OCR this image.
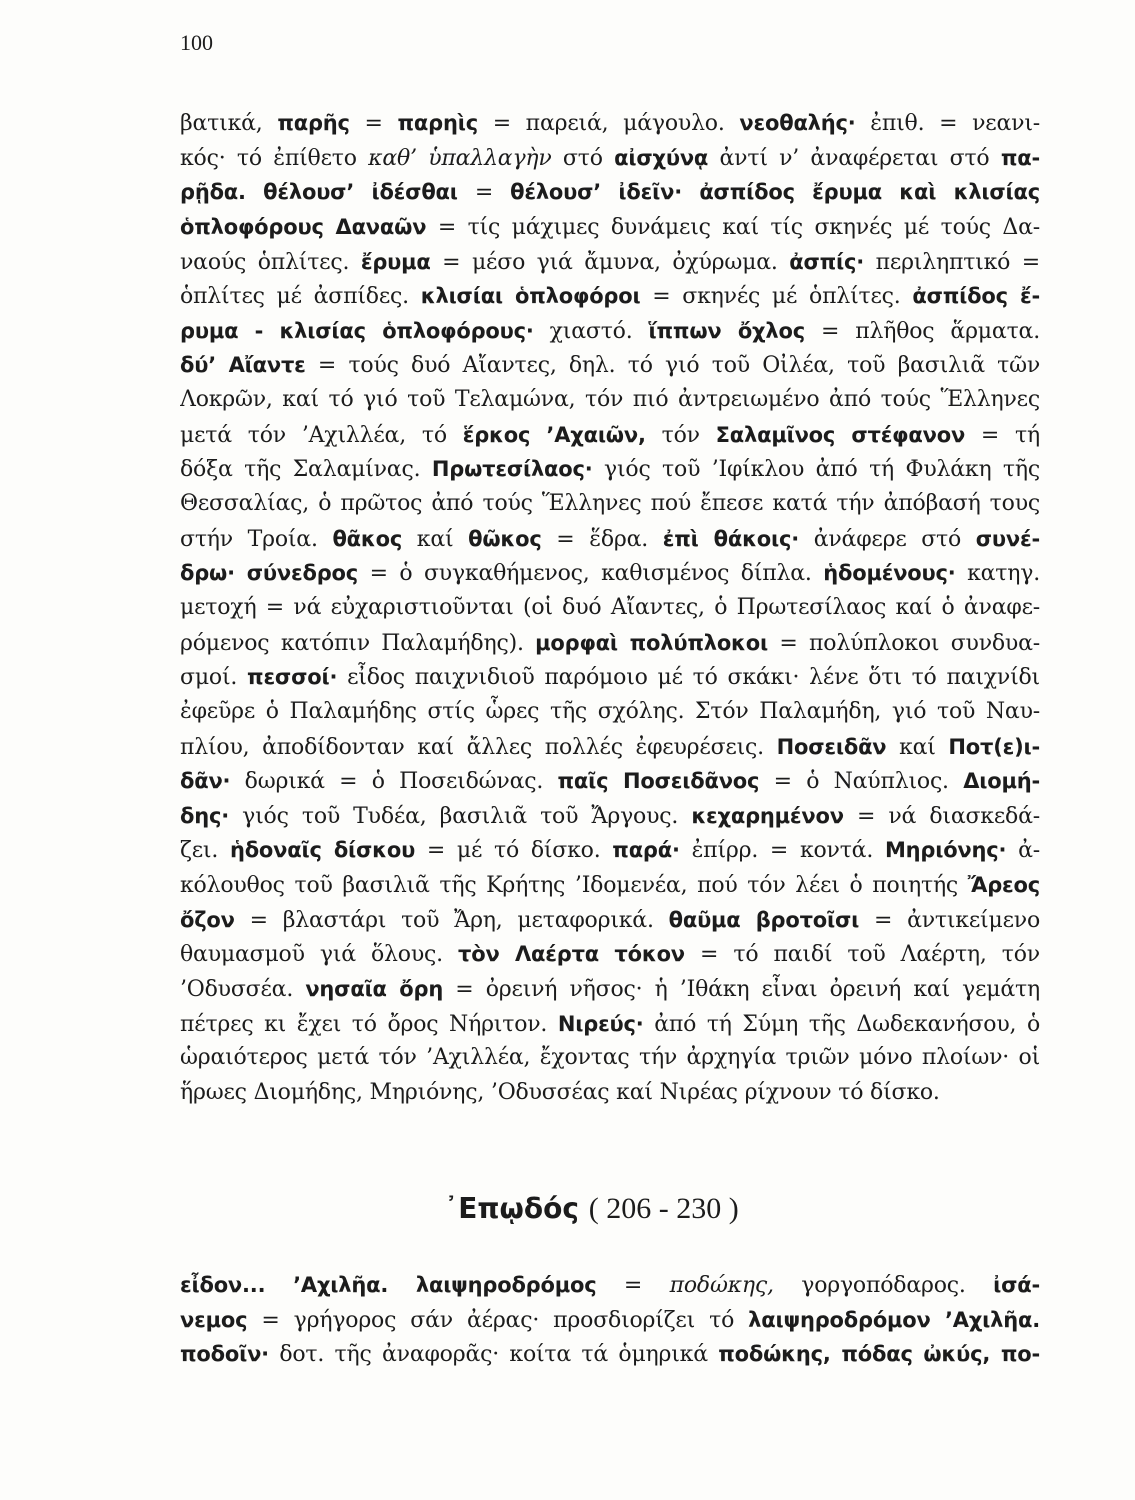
100
βατικά, παρῆς = παρηὶς = παρειά, μάγουλο. νεοθαλής· ἐπιθ. = νεανι-
κός· τό ἐπίθετο καθ’ ὑπαλλαγὴν στό αἰσχύνᾳ ἀντί ν’ ἀναφέρεται στό πα-
ρῇδα. θέλουσ’ ἰδέσθαι = θέλουσ’ ἰδεῖν· ἀσπίδος ἔρυμα καὶ κλισίας
ὁπλοφόρους Δαναῶν = τίς μάχιμες δυνάμεις καί τίς σκηνές μέ τούς Δα-
ναούς ὁπλίτες. ἔρυμα = μέσο γιά ἄμυνα, ὀχύρωμα. ἀσπίς· περιληπτικό =
ὁπλίτες μέ ἀσπίδες. κλισίαι ὁπλοφόροι = σκηνές μέ ὁπλίτες. ἀσπίδος ἔ-
ρυμα - κλισίας ὁπλοφόρους· χιαστό. ἵππων ὄχλος = πλῆθος ἅρματα.
δύ’ Αἴαντε = τούς δυό Αἴαντες, δηλ. τό γιό τοῦ Οἰλέα, τοῦ βασιλιᾶ τῶν
Λοκρῶν, καί τό γιό τοῦ Τελαμώνα, τόν πιό ἀντρειωμένο ἀπό τούς Ἕλληνες
μετά τόν ’Αχιλλέα, τό ἕρκος ’Αχαιῶν, τόν Σαλαμῖνος στέφανον = τή
δόξα τῆς Σαλαμίνας. Πρωτεσίλαος· γιός τοῦ ’Ιφίκλου ἀπό τή Φυλάκη τῆς
Θεσσαλίας, ὁ πρῶτος ἀπό τούς Ἕλληνες πού ἔπεσε κατά τήν ἀπόβασή τους
στήν Τροία. θᾶκος καί θῶκος = ἕδρα. ἐπὶ θάκοις· ἀνάφερε στό συνέ-
δρω· σύνεδρος = ὁ συγκαθήμενος, καθισμένος δίπλα. ἡδομένους· κατηγ.
μετοχή = νά εὐχαριστιοῦνται (οἱ δυό Αἴαντες, ὁ Πρωτεσίλαος καί ὁ ἀναφε-
ρόμενος κατόπιν Παλαμήδης). μορφαὶ πολύπλοκοι = πολύπλοκοι συνδυα-
σμοί. πεσσοί· εἶδος παιχνιδιοῦ παρόμοιο μέ τό σκάκι· λένε ὅτι τό παιχνίδι
ἐφεῦρε ὁ Παλαμήδης στίς ὧρες τῆς σχόλης. Στόν Παλαμήδη, γιό τοῦ Ναυ-
πλίου, ἀποδίδονταν καί ἄλλες πολλές ἐφευρέσεις. Ποσειδᾶν καί Ποτ(ε)ι-
δᾶν· δωρικά = ὁ Ποσειδώνας. παῖς Ποσειδᾶνος = ὁ Ναύπλιος. Διομή-
δης· γιός τοῦ Τυδέα, βασιλιᾶ τοῦ Ἄργους. κεχαρημένον = νά διασκεδά-
ζει. ἡδοναῖς δίσκου = μέ τό δίσκο. παρά· ἐπίρρ. = κοντά. Μηριόνης· ἀ-
κόλουθος τοῦ βασιλιᾶ τῆς Κρήτης ’Ιδομενέα, πού τόν λέει ὁ ποιητής Ἄρεος
ὄζον = βλαστάρι τοῦ Ἄρη, μεταφορικά. θαῦμα βροτοῖσι = ἀντικείμενο
θαυμασμοῦ γιά ὅλους. τὸν Λαέρτα τόκον = τό παιδί τοῦ Λαέρτη, τόν
’Οδυσσέα. νησαῖα ὄρη = ὀρεινή νῆσος· ἡ ’Ιθάκη εἶναι ὀρεινή καί γεμάτη
πέτρες κι ἔχει τό ὄρος Νήριτον. Νιρεύς· ἀπό τή Σύμη τῆς Δωδεκανήσου, ὁ
ὡραιότερος μετά τόν ’Αχιλλέα, ἔχοντας τήν ἀρχηγία τριῶν μόνο πλοίων· οἱ
ἥρωες Διομήδης, Μηριόνης, ’Οδυσσέας καί Νιρέας ρίχνουν τό δίσκο.
᾿Επῳδός ( 206 - 230 )
εἶδον... ’Αχιλῆα. λαιψηροδρόμος = ποδώκης, γοργοπόδαρος. ἰσά-
νεμος = γρήγορος σάν ἀέρας· προσδιορίζει τό λαιψηροδρόμον ’Αχιλῆα.
ποδοῖν· δοτ. τῆς ἀναφορᾶς· κοίτα τά ὁμηρικά ποδώκης, πόδας ὠκύς, πο-
